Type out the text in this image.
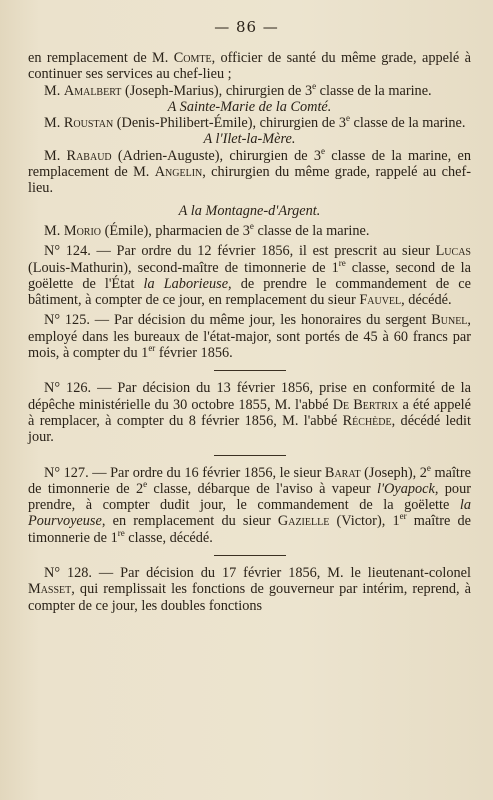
— 86 —

en remplacement de M. Comte, officier de santé du même grade, appelé à continuer ses services au chef-lieu ;

M. Amalbert (Joseph-Marius), chirurgien de 3e classe de la marine.

A Sainte-Marie de la Comté.

M. Roustan (Denis-Philibert-Émile), chirurgien de 3e classe de la marine.

A l'Ilet-la-Mère.

M. Rabaud (Adrien-Auguste), chirurgien de 3e classe de la marine, en remplacement de M. Angelin, chirurgien du même grade, rappelé au chef-lieu.

A la Montagne-d'Argent.

M. Morio (Émile), pharmacien de 3e classe de la marine.

N° 124. — Par ordre du 12 février 1856, il est prescrit au sieur Lucas (Louis-Mathurin), second-maître de timonnerie de 1re classe, second de la goëlette de l'État la Laborieuse, de prendre le commandement de ce bâtiment, à compter de ce jour, en remplacement du sieur Fauvel, décédé.

N° 125. — Par décision du même jour, les honoraires du sergent Bunel, employé dans les bureaux de l'état-major, sont portés de 45 à 60 francs par mois, à compter du 1er février 1856.

N° 126. — Par décision du 13 février 1856, prise en conformité de la dépêche ministérielle du 30 octobre 1855, M. l'abbé De Bertrix a été appelé à remplacer, à compter du 8 février 1856, M. l'abbé Réchède, décédé ledit jour.

N° 127. — Par ordre du 16 février 1856, le sieur Barat (Joseph), 2e maître de timonnerie de 2e classe, débarque de l'aviso à vapeur l'Oyapock, pour prendre, à compter dudit jour, le commandement de la goëlette la Pourvoyeuse, en remplacement du sieur Gazielle (Victor), 1er maître de timonnerie de 1re classe, décédé.

N° 128. — Par décision du 17 février 1856, M. le lieutenant-colonel Masset, qui remplissait les fonctions de gouverneur par intérim, reprend, à compter de ce jour, les doubles fonctions
